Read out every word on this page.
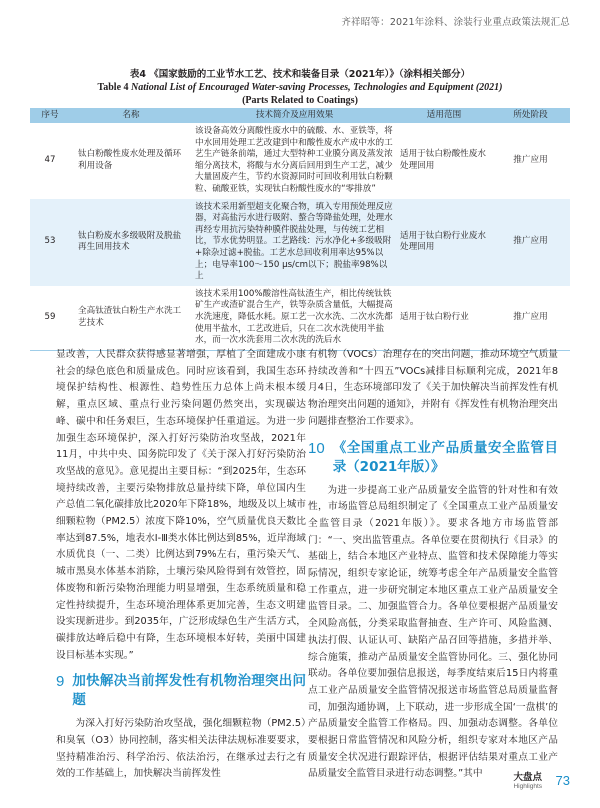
齐祥昭等：2021年涂料、涂装行业重点政策法规汇总
表4 《国家鼓励的工业节水工艺、技术和装备目录（2021年）》（涂料相关部分）
Table 4 National List of Encouraged Water-saving Processes, Technologies and Equipment (2021)
(Parts Related to Coatings)
序号	名称	技术简介及应用效果	适用范围	所处阶段
47	钛白粉酸性废水处理及循环利用设备	该设备高效分离酸性废水中的硫酸、水、亚铁等，将中水回用处理工艺改建到中和酸性废水产成中水的工艺生产链条前端，通过大型特种工业膜分离及蒸发浓缩分离技术，将酸与水分离后回用到生产工艺，减少大量固废产生，节约水资源同时可回收利用钛白粉颗粒、硫酸亚铁，实现钛白粉酸性废水的“零排放”	适用于钛白粉酸性废水处理回用	推广应用
53	钛白粉废水多级吸附及脱盐再生回用技术	该技术采用新型超支化聚合物，填入专用预处理反应器，对高盐污水进行吸附、螯合等降盐处理，处理水再经专用抗污染特种膜件脱盐处理，与传统工艺相比，节水优势明显。工艺路线：污水净化+多级吸附+除杂过滤+脱盐。工艺水总回收利用率达95%以上；电导率100～150 μs/cm以下；脱盐率98%以上	适用于钛白粉行业废水处理回用	推广应用
59	全高钛渣钛白粉生产水洗工艺技术	该技术采用100%酸溶性高钛渣生产，相比传统钛铁矿生产或渣矿混合生产，铁等杂质含量低，大幅提高水洗速度，降低水耗。原工艺一次水洗、二次水洗都使用半盐水，工艺改进后，只在二次水洗使用半盐水，而一次水洗套用二次水洗的洗后水	适用于钛白粉行业	推广应用

显改善，人民群众获得感显著增强，厚植了全面建成小康社会的绿色底色和质量成色。同时应该看到，我国生态环境保护结构性、根源性、趋势性压力总体上尚未根本缓解，重点区域、重点行业污染问题仍然突出，实现碳达峰、碳中和任务艰巨，生态环境保护任重道远。为进一步加强生态环境保护，深入打好污染防治攻坚战，2021年11月，中共中央、国务院印发了《关于深入打好污染防治攻坚战的意见》。意见提出主要目标：“到2025年，生态环境持续改善，主要污染物排放总量持续下降，单位国内生产总值二氧化碳排放比2020年下降18%，地级及以上城市细颗粒物（PM2.5）浓度下降10%，空气质量优良天数比率达到87.5%，地表水Ⅰ-Ⅲ类水体比例达到85%，近岸海域水质优良（一、二类）比例达到79%左右，重污染天气、城市黑臭水体基本消除，土壤污染风险得到有效管控，固体废物和新污染物治理能力明显增强，生态系统质量和稳定性持续提升，生态环境治理体系更加完善，生态文明建设实现新进步。到2035年，广泛形成绿色生产生活方式，碳排放达峰后稳中有降，生态环境根本好转，美丽中国建设目标基本实现。”

9 加快解决当前挥发性有机物治理突出问题

为深入打好污染防治攻坚战，强化细颗粒物（PM2.5）和臭氧（O3）协同控制，落实相关法律法规标准要要求，坚持精准治污、科学治污、依法治污，在继承过去行之有效的工作基础上，加快解决当前挥发性

有机物（VOCs）治理存在的突出问题，推动环境空气质量持续改善和“十四五”VOCs减排目标顺利完成，2021年8月4日，生态环境部印发了《关于加快解决当前挥发性有机物治理突出问题的通知》，并附有《挥发性有机物治理突出问题排查整治工作要求》。

10 《全国重点工业产品质量安全监管目录（2021年版）》

为进一步提高工业产品质量安全监管的针对性和有效性，市场监管总局组织制定了《全国重点工业产品质量安全监管目录（2021年版）》。要求各地方市场监管部门：“一、突出监管重点。各单位要在贯彻执行《目录》的基础上，结合本地区产业特点、监管和技术保障能力等实际情况，组织专家论证，统筹考虑全年产品质量安全监管工作重点，进一步研究制定本地区重点工业产品质量安全监管目录。二、加强监管合力。各单位要根据产品质量安全风险高低，分类采取监督抽查、生产许可、风险监测、执法打假、认证认可、缺陷产品召回等措施，多措并举、综合施策，推动产品质量安全监管协同化。三、强化协同联动。各单位要加强信息报送，每季度结束后15日内将重点工业产品质量安全监管情况报送市场监管总局质量监督司，加强沟通协调，上下联动，进一步形成全国‘一盘棋’的产品质量安全监管工作格局。四、加强动态调整。各单位要根据日常监管情况和风险分析，组织专家对本地区产品质量安全状况进行跟踪评估，根据评估结果对重点工业产品质量安全监管目录进行动态调整。”其中	大盘点
Highlights 73
